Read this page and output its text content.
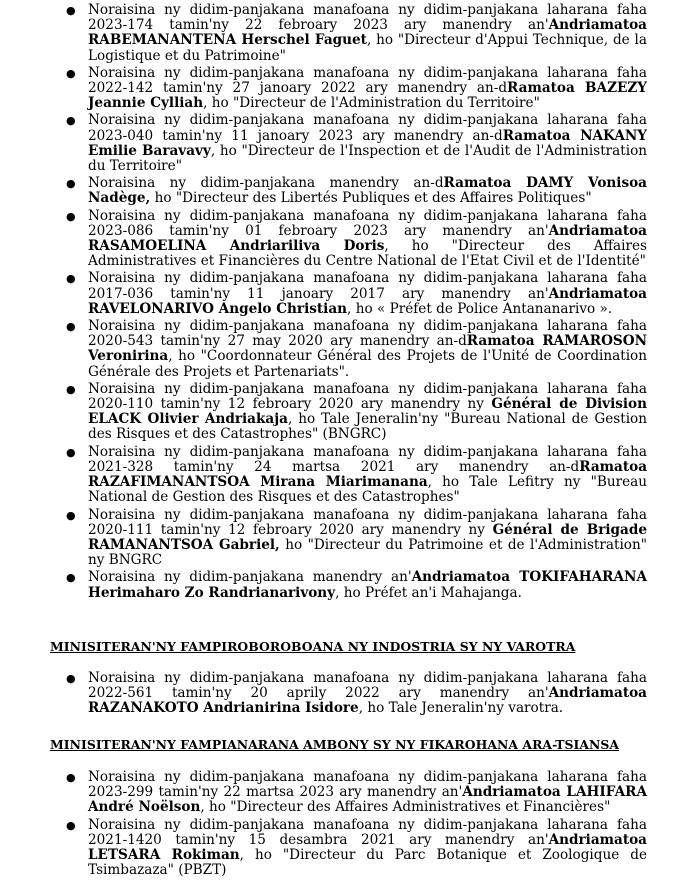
● Noraisina ny didim-panjakana manafoana ny didim-panjakana laharana faha 2023-174 tamin'ny 22 febroary 2023 ary manendry an'Andriamatoa RABEMANANTENA Herschel Faguet, ho "Directeur d'Appui Technique, de la Logistique et du Patrimoine"
● Noraisina ny didim-panjakana manafoana ny didim-panjakana laharana faha 2022-142 tamin'ny 27 janoary 2022 ary manendry an-dRamatoa BAZEZY Jeannie Cylliah, ho "Directeur de l'Administration du Territoire"
● Noraisina ny didim-panjakana manafoana ny didim-panjakana laharana faha 2023-040 tamin'ny 11 janoary 2023 ary manendry an-dRamatoa NAKANY Emilie Baravavy, ho "Directeur de l'Inspection et de l'Audit de l'Administration du Territoire"
● Noraisina ny didim-panjakana manendry an-dRamatoa DAMY Vonisoa Nadège, ho "Directeur des Libertés Publiques et des Affaires Politiques"
● Noraisina ny didim-panjakana manafoana ny didim-panjakana laharana faha 2023-086 tamin'ny 01 febroary 2023 ary manendry an'Andriamatoa RASAMOELINA Andriariliva Doris, ho "Directeur des Affaires Administratives et Financières du Centre National de l'Etat Civil et de l'Identité"
● Noraisina ny didim-panjakana manafoana ny didim-panjakana laharana faha 2017-036 tamin'ny 11 janoary 2017 ary manendry an'Andriamatoa RAVELONARIVO Angelo Christian, ho « Préfet de Police Antananarivo ».
● Noraisina ny didim-panjakana manafoana ny didim-panjakana laharana faha 2020-543 tamin'ny 27 may 2020 ary manendry an-dRamatoa RAMAROSON Veronirina, ho "Coordonnateur Général des Projets de l'Unité de Coordination Générale des Projets et Partenariats".
● Noraisina ny didim-panjakana manafoana ny didim-panjakana laharana faha 2020-110 tamin'ny 12 febroary 2020 ary manendry ny Général de Division ELACK Olivier Andriakaja, ho Tale Jeneralin'ny "Bureau National de Gestion des Risques et des Catastrophes" (BNGRC)
● Noraisina ny didim-panjakana manafoana ny didim-panjakana laharana faha 2021-328 tamin'ny 24 martsa 2021 ary manendry an-dRamatoa RAZAFIMANANTSOA Mirana Miarimanana, ho Tale Lefitry ny "Bureau National de Gestion des Risques et des Catastrophes"
● Noraisina ny didim-panjakana manafoana ny didim-panjakana laharana faha 2020-111 tamin'ny 12 febroary 2020 ary manendry ny Général de Brigade RAMANANTSOA Gabriel, ho "Directeur du Patrimoine et de l'Administration" ny BNGRC
● Noraisina ny didim-panjakana manendry an'Andriamatoa TOKIFAHARANA Herimaharo Zo Randrianarivony, ho Préfet an'i Mahajanga.
MINISITERAN'NY FAMPIROBOROBOANA NY INDOSTRIA SY NY VAROTRA
● Noraisina ny didim-panjakana manafoana ny didim-panjakana laharana faha 2022-561 tamin'ny 20 aprily 2022 ary manendry an'Andriamatoa RAZANAKOTO Andrianirina Isidore, ho Tale Jeneralin'ny varotra.
MINISITERAN'NY FAMPIANARANA AMBONY SY NY FIKAROHANA ARA-TSIANSA
● Noraisina ny didim-panjakana manafoana ny didim-panjakana laharana faha 2023-299 tamin'ny 22 martsa 2023 ary manendry an'Andriamatoa LAHIFARA André Noëlson, ho "Directeur des Affaires Administratives et Financières"
● Noraisina ny didim-panjakana manafoana ny didim-panjakana laharana faha 2021-1420 tamin'ny 15 desambra 2021 ary manendry an'Andriamatoa LETSARA Rokiman, ho "Directeur du Parc Botanique et Zoologique de Tsimbazaza" (PBZT)
